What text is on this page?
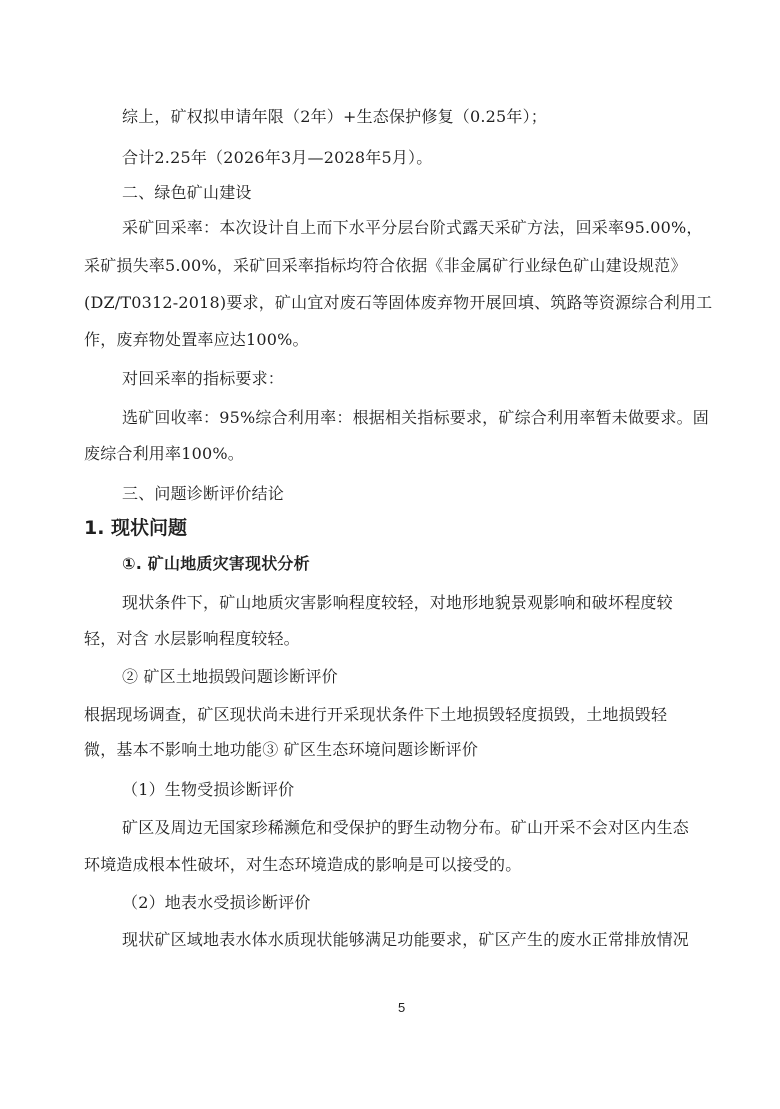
综上，矿权拟申请年限（2年）+生态保护修复（0.25年）；
合计2.25年（2026年3月—2028年5月）。
二、绿色矿山建设
采矿回采率：本次设计自上而下水平分层台阶式露天采矿方法，回采率95.00%，
采矿损失率5.00%，采矿回采率指标均符合依据《非金属矿行业绿色矿山建设规范》
(DZ/T0312-2018)要求，矿山宜对废石等固体废弃物开展回填、筑路等资源综合利用工
作，废弃物处置率应达100%。
对回采率的指标要求：
选矿回收率：95%综合利用率：根据相关指标要求，矿综合利用率暂未做要求。固
废综合利用率100%。
三、问题诊断评价结论
1. 现状问题
①. 矿山地质灾害现状分析
现状条件下，矿山地质灾害影响程度较轻，对地形地貌景观影响和破坏程度较
轻，对含 水层影响程度较轻。
② 矿区土地损毁问题诊断评价
根据现场调查，矿区现状尚未进行开采现状条件下土地损毁轻度损毁，土地损毁轻
微，基本不影响土地功能③ 矿区生态环境问题诊断评价
（1）生物受损诊断评价
矿区及周边无国家珍稀濒危和受保护的野生动物分布。矿山开采不会对区内生态
环境造成根本性破坏，对生态环境造成的影响是可以接受的。
（2）地表水受损诊断评价
现状矿区域地表水体水质现状能够满足功能要求，矿区产生的废水正常排放情况
5
